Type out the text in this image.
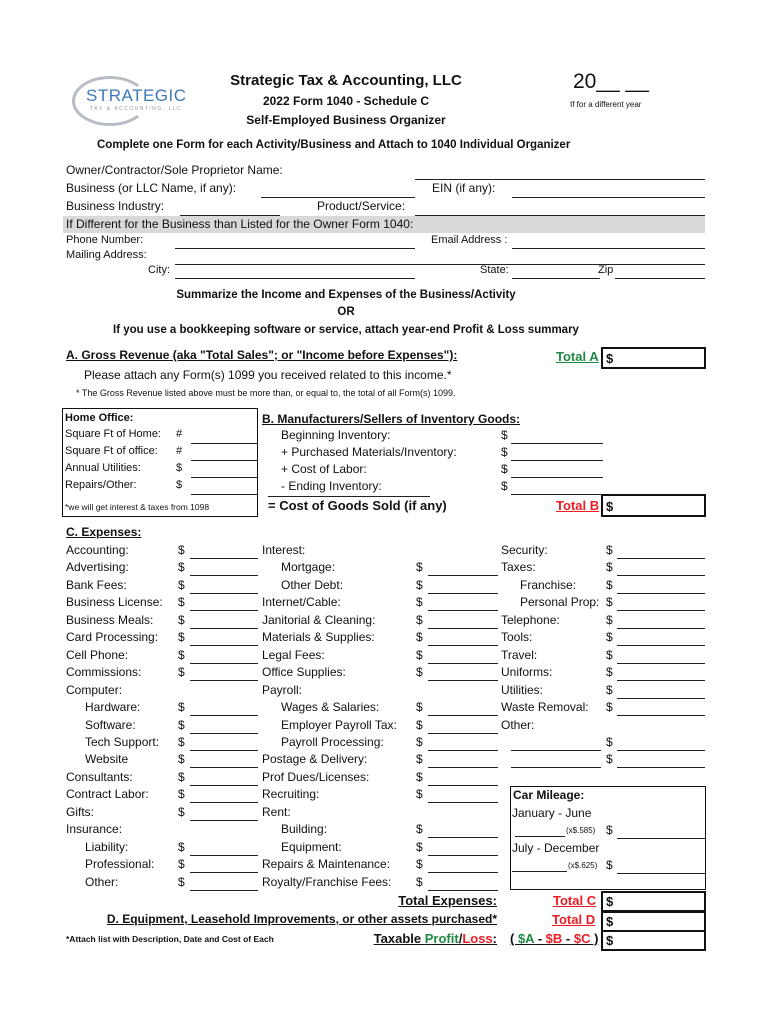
STRATEGIC
TAX & ACCOUNTING, LLC
Strategic Tax & Accounting, LLC
2022 Form 1040 - Schedule C
Self-Employed Business Organizer
20__ __
If for a different year
Complete one Form for each Activity/Business and Attach to 1040 Individual Organizer
Owner/Contractor/Sole Proprietor Name:
Business (or LLC Name, if any):	EIN (if any):
Business Industry:	Product/Service:
If Different for the Business than Listed for the Owner Form 1040:
Phone Number:	Email Address :
Mailing Address:
City:	State:	Zip
Summarize the Income and Expenses of the Business/Activity
OR
If you use a bookkeeping software or service, attach year-end Profit & Loss summary
A. Gross Revenue (aka "Total Sales"; or "Income before Expenses"):	Total A $
Please attach any Form(s) 1099 you received related to this income.*
* The Gross Revenue listed above must be more than, or equal to, the total of all Form(s) 1099.
Home Office:
*we will get interest & taxes from 1098
B. Manufacturers/Sellers of Inventory Goods:
= Cost of Goods Sold (if any)	Total B $
C. Expenses:
Car Mileage:
January - June
(x$.585) $
July - December
(x$.625) $
Total Expenses:	Total C $
D. Equipment, Leasehold Improvements, or other assets purchased*	Total D $
*Attach list with Description, Date and Cost of Each	Taxable Profit/Loss: ( $A - $B - $C ) $
Square Ft of Home: #
Square Ft of office: #
Annual Utilities:	$
Repairs/Other:	$
Beginning Inventory:	$
+ Purchased Materials/Inventory:	$
+ Cost of Labor:	$
- Ending Inventory:	$
Accounting:	$
Advertising:	$
Bank Fees:	$
Business License: $
Business Meals: $
Card Processing: $
Cell Phone:	$
Commissions:	$
Computer:
Hardware:	$
Software:	$
Tech Support: $
Website	$
Consultants:	$
Contract Labor: $
Gifts:	$
Insurance:
Liability:	$
Professional: $
Other:	$
Interest:
Mortgage:	$
Other Debt:	$
Internet/Cable:	$
Janitorial & Cleaning:	$
Materials & Supplies:	$
Legal Fees:	$
Office Supplies:	$
Payroll:
Wages & Salaries:	$
Employer Payroll Tax: $
Payroll Processing:	$
Postage & Delivery:	$
Prof Dues/Licenses:	$
Recruiting:	$
Rent:
Building:	$
Equipment:	$
Repairs & Maintenance: $
Royalty/Franchise Fees: $
Security:	$
Taxes:	$
Franchise: $
Personal Prop: $
Telephone:	$
Tools:	$
Travel:	$
Uniforms:	$
Utilities:	$
Waste Removal: $
Other:
$
$
